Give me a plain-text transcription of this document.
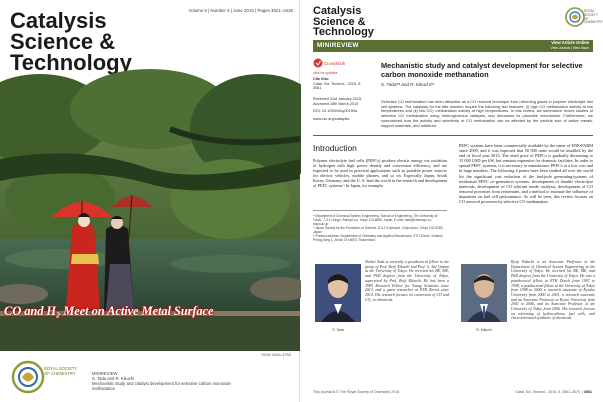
Catalysis
Science &
Technology
Volume 5 | Number 6 | June 2015 | Pages 3021–3426
CO and H₂ Meet on Active Metal Surface
ROYAL SOCIETY OF CHEMISTRY	MINIREVIEW
S. Tada and R. Kikuchi
Mechanistic study and catalyst development for selective carbon monoxide methanation
ISSN 2044-4753
Catalysis
Science &
Technology
ROYAL SOCIETY OF CHEMISTRY
MINIREVIEW	View Article Online
View Journal | View Issue
CrossMark
click for updates
Cite this:
Catal. Sci. Technol., 2015, 5, 3061
Received 31st January 2015,
Accepted 18th March 2015
DOI: 10.1039/c5cy00150a
www.rsc.org/catalysis
Mechanistic study and catalyst development for selective carbon monoxide methanation
S. Tada*ᵃ and R. Kikuchi*ᵇ
Selective CO methanation has been attractive as a CO removal technique from reforming gases in polymer electrolyte fuel cell systems. The catalysts for the title reaction require the following two features: (i) high CO methanation activity at low temperatures and (ii) low CO₂ methanation activity at high temperatures. In this review, we summarize recent studies of selective CO methanation using heterogeneous catalysts, and discussed its plausible mechanism. Furthermore, we summarized how the activity and selectivity of CO methanation can be affected by the particle size of active metals, support materials, and additives.
Introduction
Polymer electrolyte fuel cells (PEFCs) produce electric energy via oxidation of hydrogen with high power density and conversion efficiency, and are expected to be used in practical applications such as portable power sources for electric vehicles, mobile phones, and so on. Especially Japan, South Korea, Germany, and the U. S. lead the world in the research and development of PEFC systems.¹ In Japan, for example,
PEFC systems have been commercially available by the name of ENE•FARM since 2009, and it was expected that 50 000 units would be installed by the end of fiscal year 2013. The retail price of PEFCs is gradually decreasing to 15 000 USD per kW, but remains expensive for domestic facilities. In order to spread PEFC systems, it is necessary to manufacture PEFCs at a low cost and in large numbers. The following 4 points have been studied all over the world for the significant cost reduction of the fuel/pole generating/systems of residential PEFC co-generation systems: development of durable electrolyte materials, development of CO tolerant anode catalysts, development of CO removal processes from reformates, and a method to estimate the influence of impurities on fuel cell performance. As will be seen, this review focuses on CO removal processes by selective CO methanation.
ᵃ Department of Chemical System Engineering, School of Engineering, The University of Tokyo, 7-3-1 Hongo, Bunkyo-ku, Tokyo 113-8656, Japan. E-mail: tada@chemsys.t.u-tokyo.ac.jp
ᵇ Japan Society for the Promotion of Science, 5-3-1 Kojimachi, Chiyoda-ku, Tokyo 102-0083, Japan
† Present address: Department of Chemistry and Applied Biosciences, ETH Zürich, Vladimir-Prelog-Weg 1, Zürich CH-8093, Switzerland.
S. Tada
Shohei Tada is currently a postdoctoral fellow in the group of Prof. Reiji Kikuchi and Prof. S. Ted Oyama at the University of Tokyo. He received his BE, ME, and PhD degrees from the University of Tokyo, supervised by Prof. Reiji Kikuchi. He has been a JSPS Research Fellow for Young Scientists since 2013, and a guest researcher at ETH Zürich since 2014. His research focuses on conversion of CO and CO₂ to chemicals.
R. Kikuchi
Ryuji Kikuchi is an Associate Professor in the Department of Chemical System Engineering at the University of Tokyo. He received his BE, ME, and PhD degrees from the University of Tokyo. He was a postdoctoral fellow at ETH Zürich from 1997 to 1998, a postdoctoral fellow at the University of Tokyo from 1998 to 2000, a research associate at Kyushu University from 2000 to 2001, a research associate and an Associate Professor at Kyoto University from 2001 to 2006, and an Associate Professor at the University of Tokyo from 2006. His research focuses on reforming of hydrocarbons, fuel cells, and electrochemical synthesis of chemicals.
This journal is © The Royal Society of Chemistry 2015	Catal. Sci. Technol., 2015, 5, 3061–3070  | 3061
